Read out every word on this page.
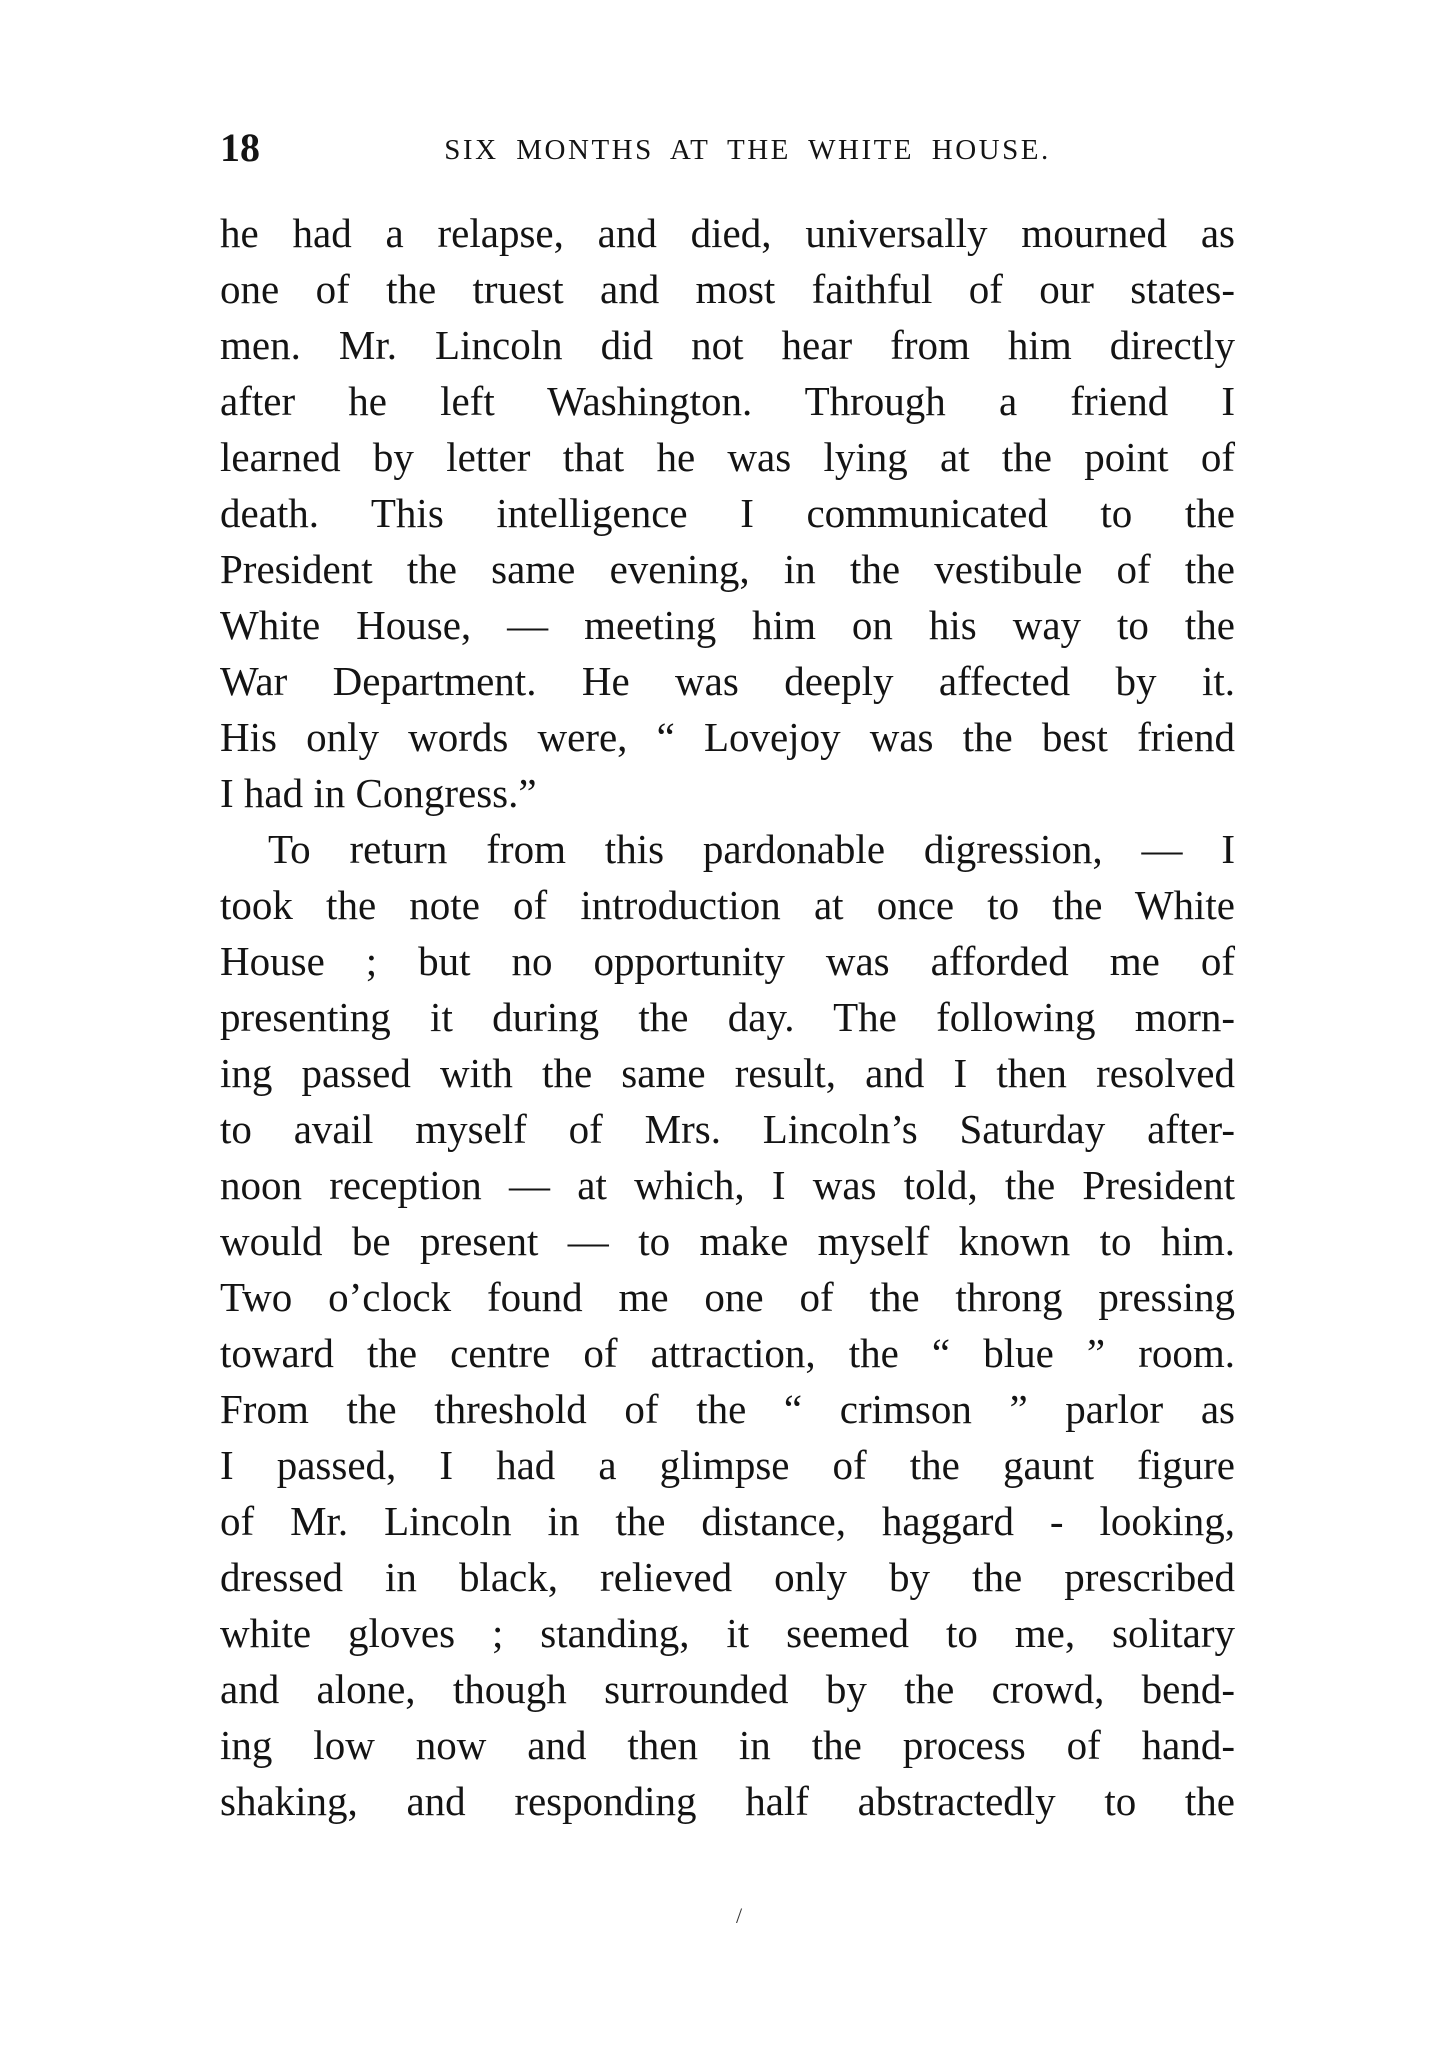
18	SIX MONTHS AT THE WHITE HOUSE.
he had a relapse, and died, universally mourned as
one of the truest and most faithful of our states-
men. Mr. Lincoln did not hear from him directly
after he left Washington. Through a friend I
learned by letter that he was lying at the point of
death. This intelligence I communicated to the
President the same evening, in the vestibule of the
White House, — meeting him on his way to the
War Department. He was deeply affected by it.
His only words were, “ Lovejoy was the best friend
I had in Congress.”
To return from this pardonable digression, — I
took the note of introduction at once to the White
House ; but no opportunity was afforded me of
presenting it during the day. The following morn-
ing passed with the same result, and I then resolved
to avail myself of Mrs. Lincoln’s Saturday after-
noon reception — at which, I was told, the President
would be present — to make myself known to him.
Two o’clock found me one of the throng pressing
toward the centre of attraction, the “ blue ” room.
From the threshold of the “ crimson ” parlor as
I passed, I had a glimpse of the gaunt figure
of Mr. Lincoln in the distance, haggard - looking,
dressed in black, relieved only by the prescribed
white gloves ; standing, it seemed to me, solitary
and alone, though surrounded by the crowd, bend-
ing low now and then in the process of hand-
shaking, and responding half abstractedly to the
/
